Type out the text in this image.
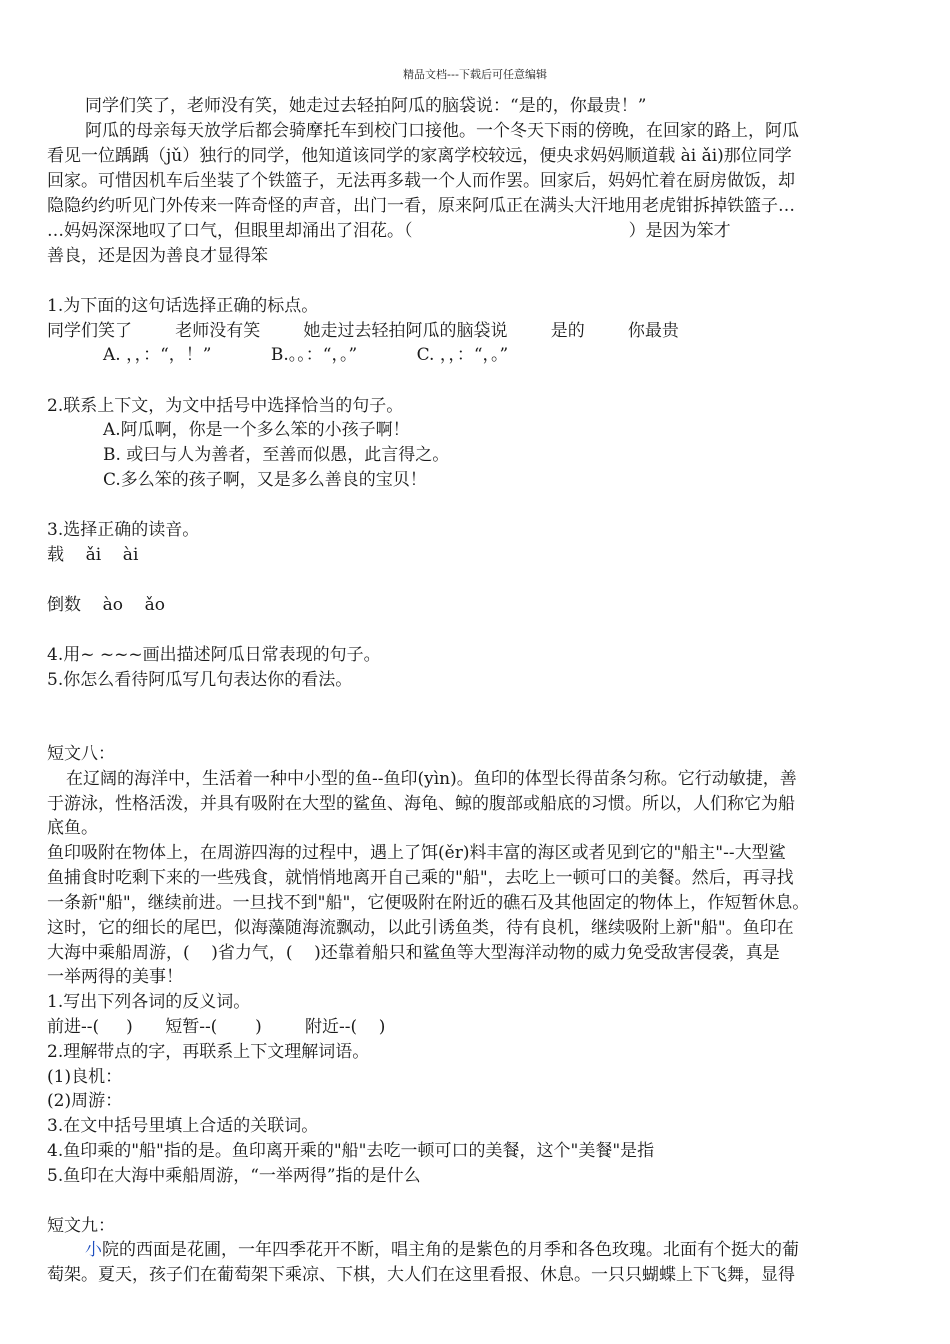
精品文档---下载后可任意编辑
同学们笑了，老师没有笑，她走过去轻拍阿瓜的脑袋说：“是的，你最贵！”
阿瓜的母亲每天放学后都会骑摩托车到校门口接他。一个冬天下雨的傍晚，在回家的路上，阿瓜
看见一位踽踽（jǔ）独行的同学，他知道该同学的家离学校较远，便央求妈妈顺道载 ài ǎi)那位同学
回家。可惜因机车后坐装了个铁篮子，无法再多载一个人而作罢。回家后，妈妈忙着在厨房做饭，却
隐隐约约听见门外传来一阵奇怪的声音，出门一看，原来阿瓜正在满头大汗地用老虎钳拆掉铁篮子…
…妈妈深深地叹了口气，但眼里却涌出了泪花。（                                        ）是因为笨才
善良，还是因为善良才显得笨
1.为下面的这句话选择正确的标点。
同学们笑了        老师没有笑        她走过去轻拍阿瓜的脑袋说        是的        你最贵
A. ，，：“，！”           B.。。：“，。”           C. ，，：“，。”
2.联系上下文，为文中括号中选择恰当的句子。
A.阿瓜啊，你是一个多么笨的小孩子啊！
B. 或曰与人为善者，至善而似愚，此言得之。
C.多么笨的孩子啊，又是多么善良的宝贝！
3.选择正确的读音。
载    ǎi    ài
倒数    ào    ǎo
4.用~ ~~~画出描述阿瓜日常表现的句子。
5.你怎么看待阿瓜写几句表达你的看法。
短文八：
在辽阔的海洋中，生活着一种中小型的鱼--鱼印(yìn)。鱼印的体型长得苗条匀称。它行动敏捷，善
于游泳，性格活泼，并具有吸附在大型的鲨鱼、海龟、鲸的腹部或船底的习惯。所以，人们称它为船
底鱼。
鱼印吸附在物体上，在周游四海的过程中，遇上了饵(ěr)料丰富的海区或者见到它的"船主"--大型鲨
鱼捕食时吃剩下来的一些残食，就悄悄地离开自己乘的"船"，去吃上一顿可口的美餐。然后，再寻找
一条新"船"，继续前进。一旦找不到"船"，它便吸附在附近的礁石及其他固定的物体上，作短暂休息。
这时，它的细长的尾巴，似海藻随海流飘动，以此引诱鱼类，待有良机，继续吸附上新"船"。鱼印在
大海中乘船周游，(    )省力气，(    )还靠着船只和鲨鱼等大型海洋动物的威力免受敌害侵袭，真是
一举两得的美事！
1.写出下列各词的反义词。
前进--(     )      短暂--(       )        附近--(    )
2.理解带点的字，再联系上下文理解词语。
(1)良机：
(2)周游：
3.在文中括号里填上合适的关联词。
4.鱼印乘的"船"指的是。鱼印离开乘的"船"去吃一顿可口的美餐，这个"美餐"是指
5.鱼印在大海中乘船周游，“一举两得”指的是什么
短文九：
小院的西面是花圃，一年四季花开不断，唱主角的是紫色的月季和各色玫瑰。北面有个挺大的葡
萄架。夏天，孩子们在葡萄架下乘凉、下棋，大人们在这里看报、休息。一只只蝴蝶上下飞舞，显得
